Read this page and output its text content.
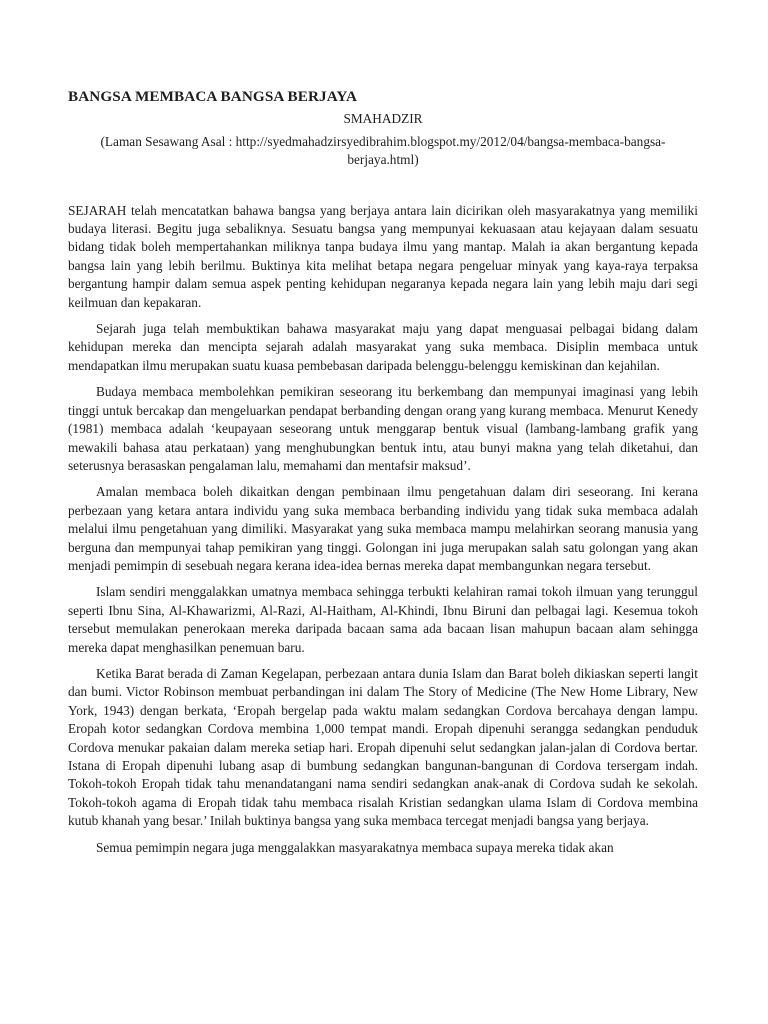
BANGSA MEMBACA BANGSA BERJAYA
SMAHADZIR
(Laman Sesawang Asal : http://syedmahadzirsyedibrahim.blogspot.my/2012/04/bangsa-membaca-bangsa-berjaya.html)

SEJARAH telah mencatatkan bahawa bangsa yang berjaya antara lain dicirikan oleh masyarakatnya yang memiliki budaya literasi. Begitu juga sebaliknya. Sesuatu bangsa yang mempunyai kekuasaan atau kejayaan dalam sesuatu bidang tidak boleh mempertahankan miliknya tanpa budaya ilmu yang mantap. Malah ia akan bergantung kepada bangsa lain yang lebih berilmu. Buktinya kita melihat betapa negara pengeluar minyak yang kaya-raya terpaksa bergantung hampir dalam semua aspek penting kehidupan negaranya kepada negara lain yang lebih maju dari segi keilmuan dan kepakaran.

Sejarah juga telah membuktikan bahawa masyarakat maju yang dapat menguasai pelbagai bidang dalam kehidupan mereka dan mencipta sejarah adalah masyarakat yang suka membaca. Disiplin membaca untuk mendapatkan ilmu merupakan suatu kuasa pembebasan daripada belenggu-belenggu kemiskinan dan kejahilan.

Budaya membaca membolehkan pemikiran seseorang itu berkembang dan mempunyai imaginasi yang lebih tinggi untuk bercakap dan mengeluarkan pendapat berbanding dengan orang yang kurang membaca. Menurut Kenedy (1981) membaca adalah ‘keupayaan seseorang untuk menggarap bentuk visual (lambang-lambang grafik yang mewakili bahasa atau perkataan) yang menghubungkan bentuk intu, atau bunyi makna yang telah diketahui, dan seterusnya berasaskan pengalaman lalu, memahami dan mentafsir maksud’.

Amalan membaca boleh dikaitkan dengan pembinaan ilmu pengetahuan dalam diri seseorang. Ini kerana perbezaan yang ketara antara individu yang suka membaca berbanding individu yang tidak suka membaca adalah melalui ilmu pengetahuan yang dimiliki. Masyarakat yang suka membaca mampu melahirkan seorang manusia yang berguna dan mempunyai tahap pemikiran yang tinggi. Golongan ini juga merupakan salah satu golongan yang akan menjadi pemimpin di sesebuah negara kerana idea-idea bernas mereka dapat membangunkan negara tersebut.

Islam sendiri menggalakkan umatnya membaca sehingga terbukti kelahiran ramai tokoh ilmuan yang terunggul seperti Ibnu Sina, Al-Khawarizmi, Al-Razi, Al-Haitham, Al-Khindi, Ibnu Biruni dan pelbagai lagi. Kesemua tokoh tersebut memulakan penerokaan mereka daripada bacaan sama ada bacaan lisan mahupun bacaan alam sehingga mereka dapat menghasilkan penemuan baru.

Ketika Barat berada di Zaman Kegelapan, perbezaan antara dunia Islam dan Barat boleh dikiaskan seperti langit dan bumi. Victor Robinson membuat perbandingan ini dalam The Story of Medicine (The New Home Library, New York, 1943) dengan berkata, ‘Eropah bergelap pada waktu malam sedangkan Cordova bercahaya dengan lampu. Eropah kotor sedangkan Cordova membina 1,000 tempat mandi. Eropah dipenuhi serangga sedangkan penduduk Cordova menukar pakaian dalam mereka setiap hari. Eropah dipenuhi selut sedangkan jalan-jalan di Cordova bertar. Istana di Eropah dipenuhi lubang asap di bumbung sedangkan bangunan-bangunan di Cordova tersergam indah. Tokoh-tokoh Eropah tidak tahu menandatangani nama sendiri sedangkan anak-anak di Cordova sudah ke sekolah. Tokoh-tokoh agama di Eropah tidak tahu membaca risalah Kristian sedangkan ulama Islam di Cordova membina kutub khanah yang besar.’ Inilah buktinya bangsa yang suka membaca tercegat menjadi bangsa yang berjaya.

Semua pemimpin negara juga menggalakkan masyarakatnya membaca supaya mereka tidak akan
